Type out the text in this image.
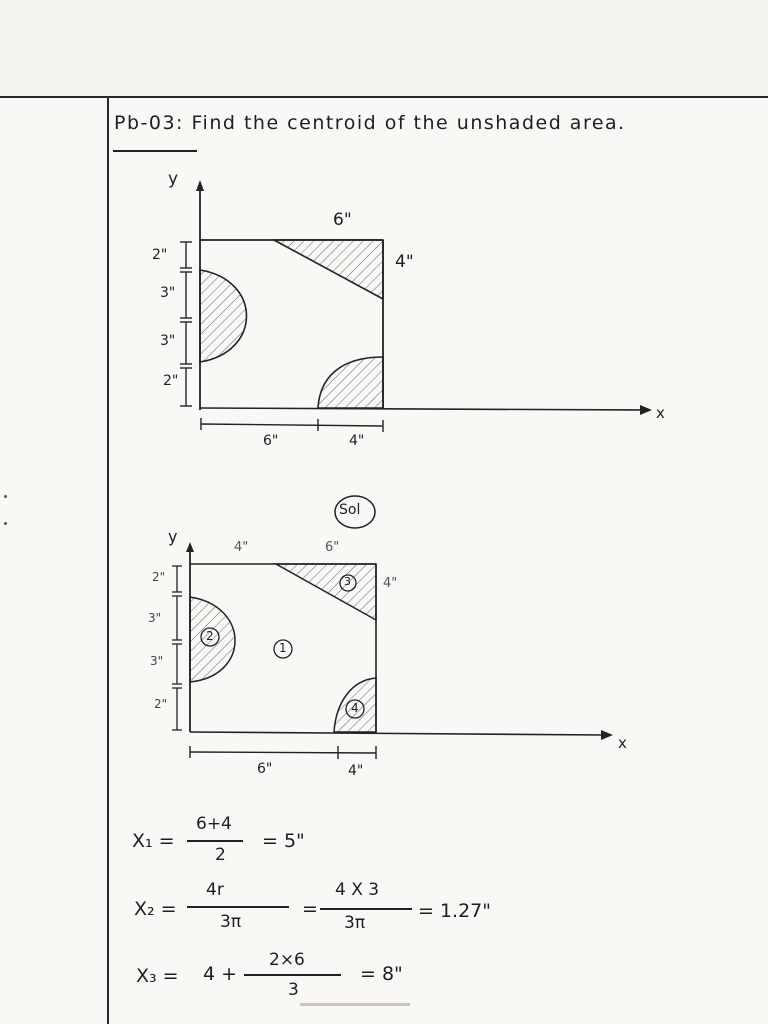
Pb-03: Find the centroid of the unshaded area.
y
x
6"
4"
2"
3"
3"
2"
6"	4"
Sol
y
x
4"	6"
4"
2"
3"
3"
2"
6"	4"
1
2
3
4
X₁ =
6+4
2
= 5"
X₂ =
4r
3π
=
4 X 3
3π
= 1.27"
X₃ = 4 +
2×6
3
= 8"
